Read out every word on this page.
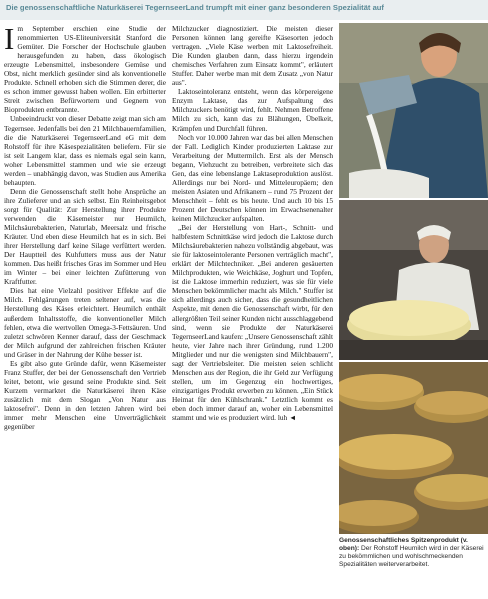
Die genossenschaftliche Naturkäserei TegernseerLand trumpft mit einer ganz besonderen Spezialität auf

Im September erschien eine Studie der renommierten US-Eliteuniversität Stanford die Gemüter. Die Forscher der Hochschule glauben herausgefunden zu haben, dass ökologisch erzeugte Lebensmittel, insbesondere Gemüse und Obst, nicht merklich gesünder sind als konventionelle Produkte. Schnell erhoben sich die Stimmen derer, die es schon immer gewusst haben wollen. Ein erbitterter Streit zwischen Befürwortern und Gegnern von Bioprodukten entbrannte.

Unbeeindruckt von dieser Debatte zeigt man sich am Tegernsee. Jedenfalls bei den 21 Milchbauernfamilien, die die Naturkäserei TegernseerLand eG mit dem Rohstoff für ihre Käsespezialitäten beliefern. Für sie ist seit Langem klar, dass es niemals egal sein kann, woher Lebensmittel stammen und wie sie erzeugt werden – unabhängig davon, was Studien aus Amerika behaupten.

Denn die Genossenschaft stellt hohe Ansprüche an ihre Zulieferer und an sich selbst. Ein Reinheitsgebot sorgt für Qualität: Zur Herstellung ihrer Produkte verwenden die Käsemeister nur Heumilch, Milchsäurebakterien, Naturlab, Meersalz und frische Kräuter. Und eben diese Heumilch hat es in sich. Bei ihrer Herstellung darf keine Silage verfüttert werden. Der Hauptteil des Kuhfutters muss aus der Natur kommen. Das heißt frisches Gras im Sommer und Heu im Winter – bei einer leichten Zufütterung von Kraftfutter.

Dies hat eine Vielzahl positiver Effekte auf die Milch. Fehlgärungen treten seltener auf, was die Herstellung des Käses erleichtert. Heumilch enthält außerdem Inhaltsstoffe, die konventioneller Milch fehlen, etwa die wertvollen Omega-3-Fettsäuren. Und zuletzt schwören Kenner darauf, dass der Geschmack der Milch aufgrund der zahlreichen frischen Kräuter und Gräser in der Nahrung der Kühe besser ist.

Es gibt also gute Gründe dafür, wenn Käsemeister Franz Stuffer, der bei der Genossenschaft den Vertrieb leitet, betont, wie gesund seine Produkte sind. Seit Kurzem vermarktet die Naturkäserei ihren Käse zusätzlich mit dem Slogan „Von Natur aus laktosefrei". Denn in den letzten Jahren wird bei immer mehr Menschen eine Unverträglichkeit gegenüber

Milchzucker diagnostiziert. Die meisten dieser Personen können lang gereifte Käsesorten jedoch vertragen. „Viele Käse werben mit Laktosefreiheit. Die Kunden glauben dann, dass hierzu irgendein chemisches Verfahren zum Einsatz kommt", erläutert Stuffer. Daher werbe man mit dem Zusatz „von Natur aus".

Laktoseintoleranz entsteht, wenn das körpereigene Enzym Laktase, das zur Aufspaltung des Milchzuckers benötigt wird, fehlt. Nehmen Betroffene Milch zu sich, kann das zu Blähungen, Übelkeit, Krämpfen und Durchfall führen.

Noch vor 10.000 Jahren war das bei allen Menschen der Fall. Lediglich Kinder produzierten Laktase zur Verarbeitung der Muttermilch. Erst als der Mensch begann, Viehzucht zu betreiben, verbreitete sich das Gen, das eine lebenslange Laktaseproduktion auslöst. Allerdings nur bei Nord- und Mitteleuropäern; den meisten Asiaten und Afrikanern – rund 75 Prozent der Menschheit – fehlt es bis heute. Und auch 10 bis 15 Prozent der Deutschen können im Erwachsenenalter keinen Milchzucker aufspalten.

„Bei der Herstellung von Hart-, Schnitt- und halbfestem Schnittkäse wird jedoch die Laktose durch Milchsäurebakterien nahezu vollständig abgebaut, was sie für laktoseintolerante Personen verträglich macht", erklärt der Milchtechniker. „Bei anderen gesäuerten Milchprodukten, wie Weichkäse, Joghurt und Topfen, ist die Laktose immerhin reduziert, was sie für viele Menschen bekömmlicher macht als Milch." Stuffer ist sich allerdings auch sicher, dass die gesundheitlichen Aspekte, mit denen die Genossenschaft wirbt, für den allergrößten Teil seiner Kunden nicht ausschlaggebend sind, wenn sie Produkte der Naturkäserei TegernseerLand kaufen: „Unsere Genossenschaft zählt heute, vier Jahre nach ihrer Gründung, rund 1.200 Mitglieder und nur die wenigsten sind Milchbauern", sagt der Vertriebsleiter. Die meisten seien schlicht Menschen aus der Region, die ihr Geld zur Verfügung stellen, um im Gegenzug ein hochwertiges, einzigartiges Produkt erwerben zu können. „Ein Stück Heimat für den Kühlschrank." Letztlich kommt es eben doch immer darauf an, woher ein Lebensmittel stammt und wie es produziert wird. luh ◄

Genossenschaftliches Spitzenprodukt (v. oben): Der Rohstoff Heumilch wird in der Käserei zu bekömmlichen und wohlschmeckenden Spezialitäten weiterverarbeitet.
